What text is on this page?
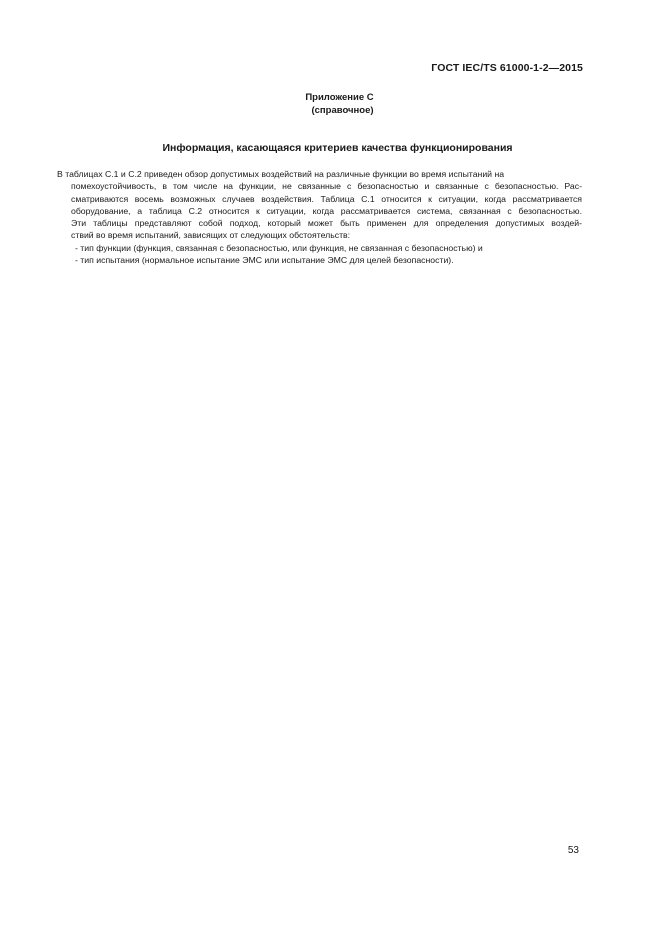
ГОСТ IEC/TS 61000-1-2—2015
Приложение С
(справочное)
Информация, касающаяся критериев качества функционирования

В таблицах С.1 и С.2 приведен обзор допустимых воздействий на различные функции во время испытаний на
помехоустойчивость, в том числе на функции, не связанные с безопасностью и связанные с безопасностью. Рас-
сматриваются восемь возможных случаев воздействия. Таблица С.1 относится к ситуации, когда рассматривается
оборудование, а таблица С.2 относится к ситуации, когда рассматривается система, связанная с безопасностью.
Эти таблицы представляют собой подход, который может быть применен для определения допустимых воздей-
ствий во время испытаний, зависящих от следующих обстоятельств:

- тип функции (функция, связанная с безопасностью, или функция, не связанная с безопасностью) и
- тип испытания (нормальное испытание ЭМС или испытание ЭМС для целей безопасности).
53
